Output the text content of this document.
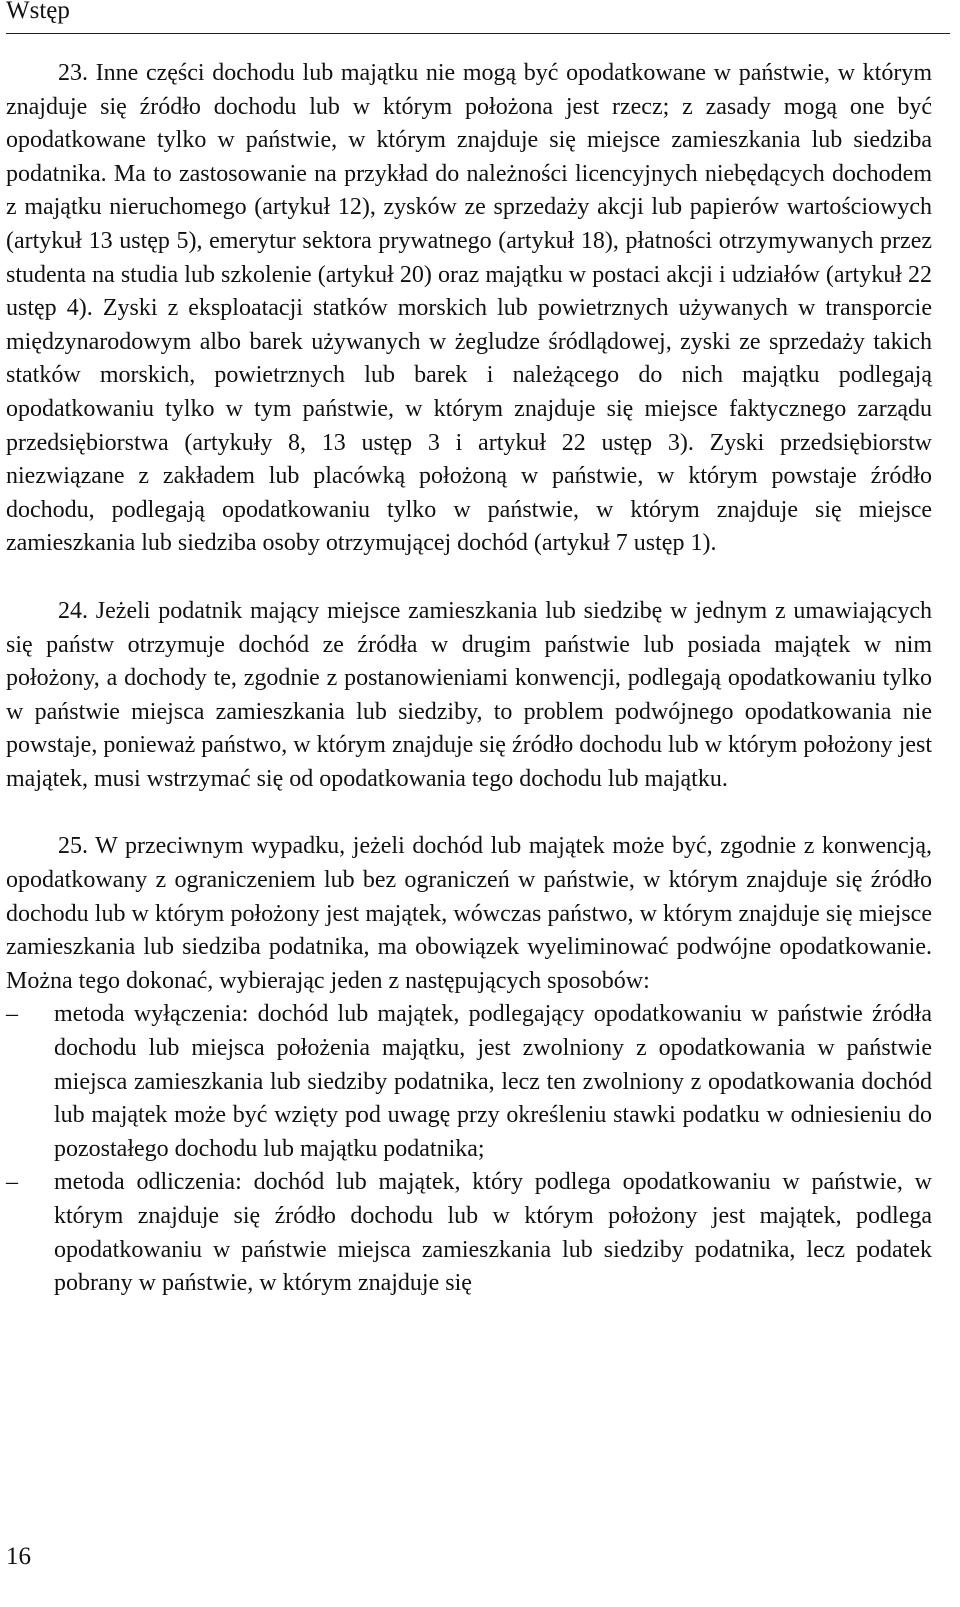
Wstęp

23. Inne części dochodu lub majątku nie mogą być opodatkowane w państwie, w którym znajduje się źródło dochodu lub w którym położona jest rzecz; z zasady mogą one być opodatkowane tylko w państwie, w którym znajduje się miejsce zamieszkania lub siedziba podatnika. Ma to zastosowanie na przykład do należności licencyjnych niebędących dochodem z majątku nieruchomego (artykuł 12), zysków ze sprzedaży akcji lub papierów wartościowych (artykuł 13 ustęp 5), emerytur sektora prywatnego (artykuł 18), płatności otrzymywanych przez studenta na studia lub szkolenie (artykuł 20) oraz majątku w postaci akcji i udziałów (artykuł 22 ustęp 4). Zyski z eksploatacji statków morskich lub powietrznych używanych w transporcie międzynarodowym albo barek używanych w żegludze śródlądowej, zyski ze sprzedaży takich statków morskich, powietrznych lub barek i należącego do nich majątku podlegają opodatkowaniu tylko w tym państwie, w którym znajduje się miejsce faktycznego zarządu przedsiębiorstwa (artykuły 8, 13 ustęp 3 i artykuł 22 ustęp 3). Zyski przedsiębiorstw niezwiązane z zakładem lub placówką położoną w państwie, w którym powstaje źródło dochodu, podlegają opodatkowaniu tylko w państwie, w którym znajduje się miejsce zamieszkania lub siedziba osoby otrzymującej dochód (artykuł 7 ustęp 1).

24. Jeżeli podatnik mający miejsce zamieszkania lub siedzibę w jednym z umawiających się państw otrzymuje dochód ze źródła w drugim państwie lub posiada majątek w nim położony, a dochody te, zgodnie z postanowieniami konwencji, podlegają opodatkowaniu tylko w państwie miejsca zamieszkania lub siedziby, to problem podwójnego opodatkowania nie powstaje, ponieważ państwo, w którym znajduje się źródło dochodu lub w którym położony jest majątek, musi wstrzymać się od opodatkowania tego dochodu lub majątku.

25. W przeciwnym wypadku, jeżeli dochód lub majątek może być, zgodnie z konwencją, opodatkowany z ograniczeniem lub bez ograniczeń w państwie, w którym znajduje się źródło dochodu lub w którym położony jest majątek, wówczas państwo, w którym znajduje się miejsce zamieszkania lub siedziba podatnika, ma obowiązek wyeliminować podwójne opodatkowanie. Można tego dokonać, wybierając jeden z następujących sposobów:

–	metoda wyłączenia: dochód lub majątek, podlegający opodatkowaniu w państwie źródła dochodu lub miejsca położenia majątku, jest zwolniony z opodatkowania w państwie miejsca zamieszkania lub siedziby podatnika, lecz ten zwolniony z opodatkowania dochód lub majątek może być wzięty pod uwagę przy określeniu stawki podatku w odniesieniu do pozostałego dochodu lub majątku podatnika;
–	metoda odliczenia: dochód lub majątek, który podlega opodatkowaniu w państwie, w którym znajduje się źródło dochodu lub w którym położony jest majątek, podlega opodatkowaniu w państwie miejsca zamieszkania lub siedziby podatnika, lecz podatek pobrany w państwie, w którym znajduje się
16
